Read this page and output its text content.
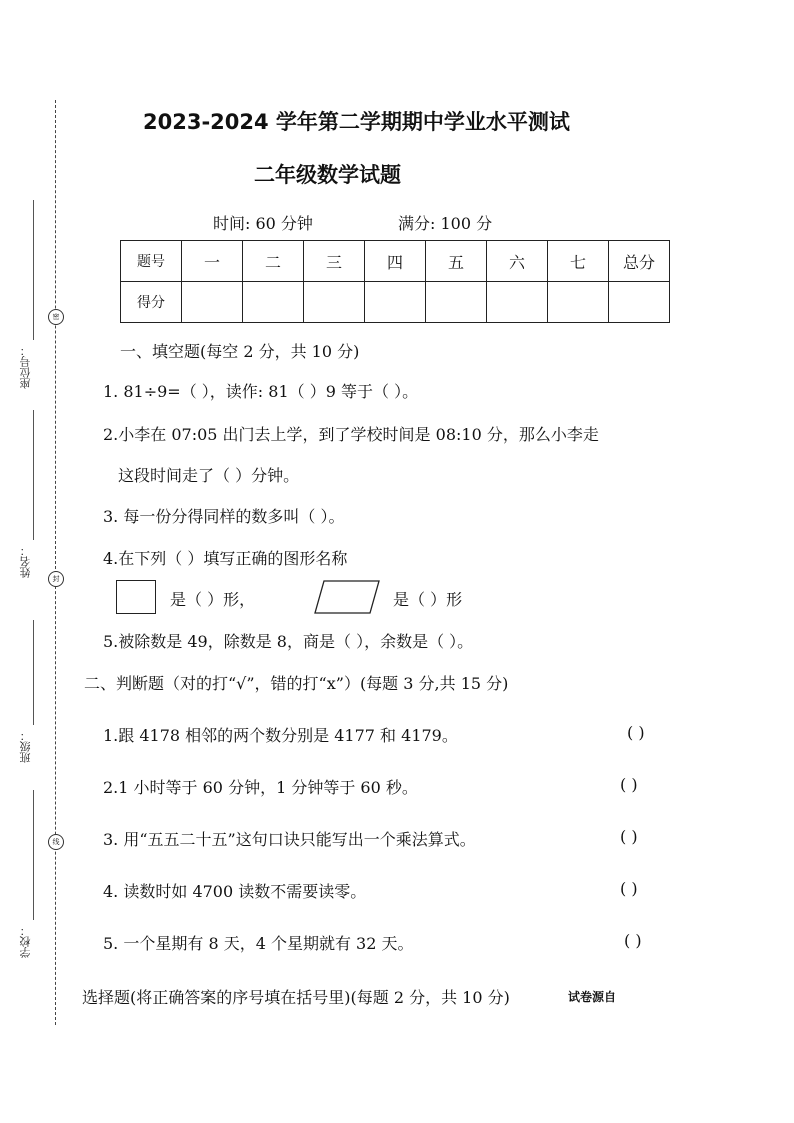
密
封
线
座位号：
姓名：
班级：
学校：
2023-2024 学年第二学期期中学业水平测试
二年级数学试题
时间: 60 分钟	满分: 100 分
题号	一	二	三	四	五	六	七	总分
得分								
一、填空题(每空 2 分，共 10 分)
1. 81÷9=（ ），读作: 81（ ）9 等于（ ）。
2.小李在 07:05 出门去上学，到了学校时间是 08:10 分，那么小李走
这段时间走了（ ）分钟。
3. 每一份分得同样的数多叫（ ）。
4.在下列（ ）填写正确的图形名称
是（ ）形，	是（ ）形
5.被除数是 49，除数是 8，商是（ ），余数是（ ）。
二、判断题（对的打“√”，错的打“x”）(每题 3 分,共 15 分)
1.跟 4178 相邻的两个数分别是 4177 和 4179。	( )
2.1 小时等于 60 分钟，1 分钟等于 60 秒。	( )
3. 用“五五二十五”这句口诀只能写出一个乘法算式。	( )
4. 读数时如 4700 读数不需要读零。	( )
5. 一个星期有 8 天，4 个星期就有 32 天。	( )
选择题(将正确答案的序号填在括号里)(每题 2 分，共 10 分)	试卷源自
